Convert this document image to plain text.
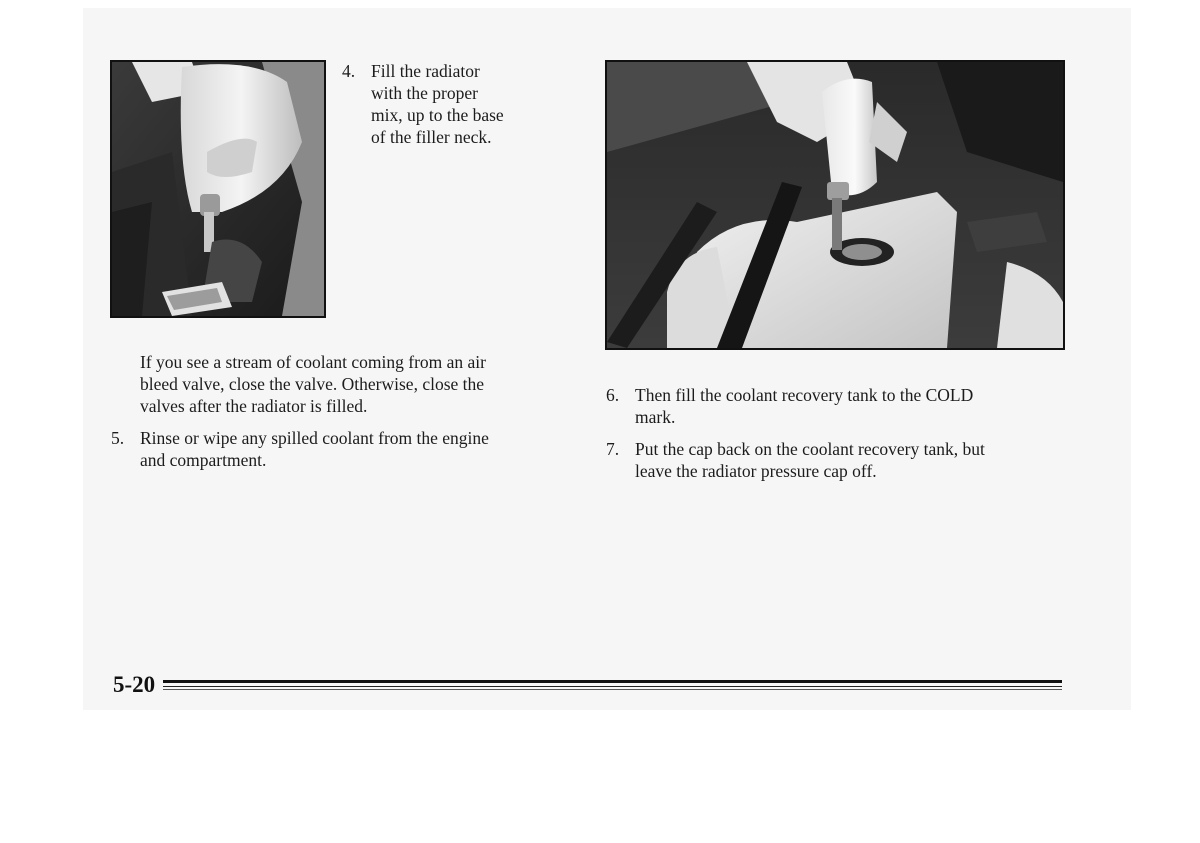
4. Fill the radiator
with the proper
mix, up to the base
of the filler neck.
If you see a stream of coolant coming from an air
bleed valve, close the valve. Otherwise, close the
valves after the radiator is filled.
5. Rinse or wipe any spilled coolant from the engine
and compartment.
6. Then fill the coolant recovery tank to the COLD
mark.
7. Put the cap back on the coolant recovery tank, but
leave the radiator pressure cap off.
5-20
